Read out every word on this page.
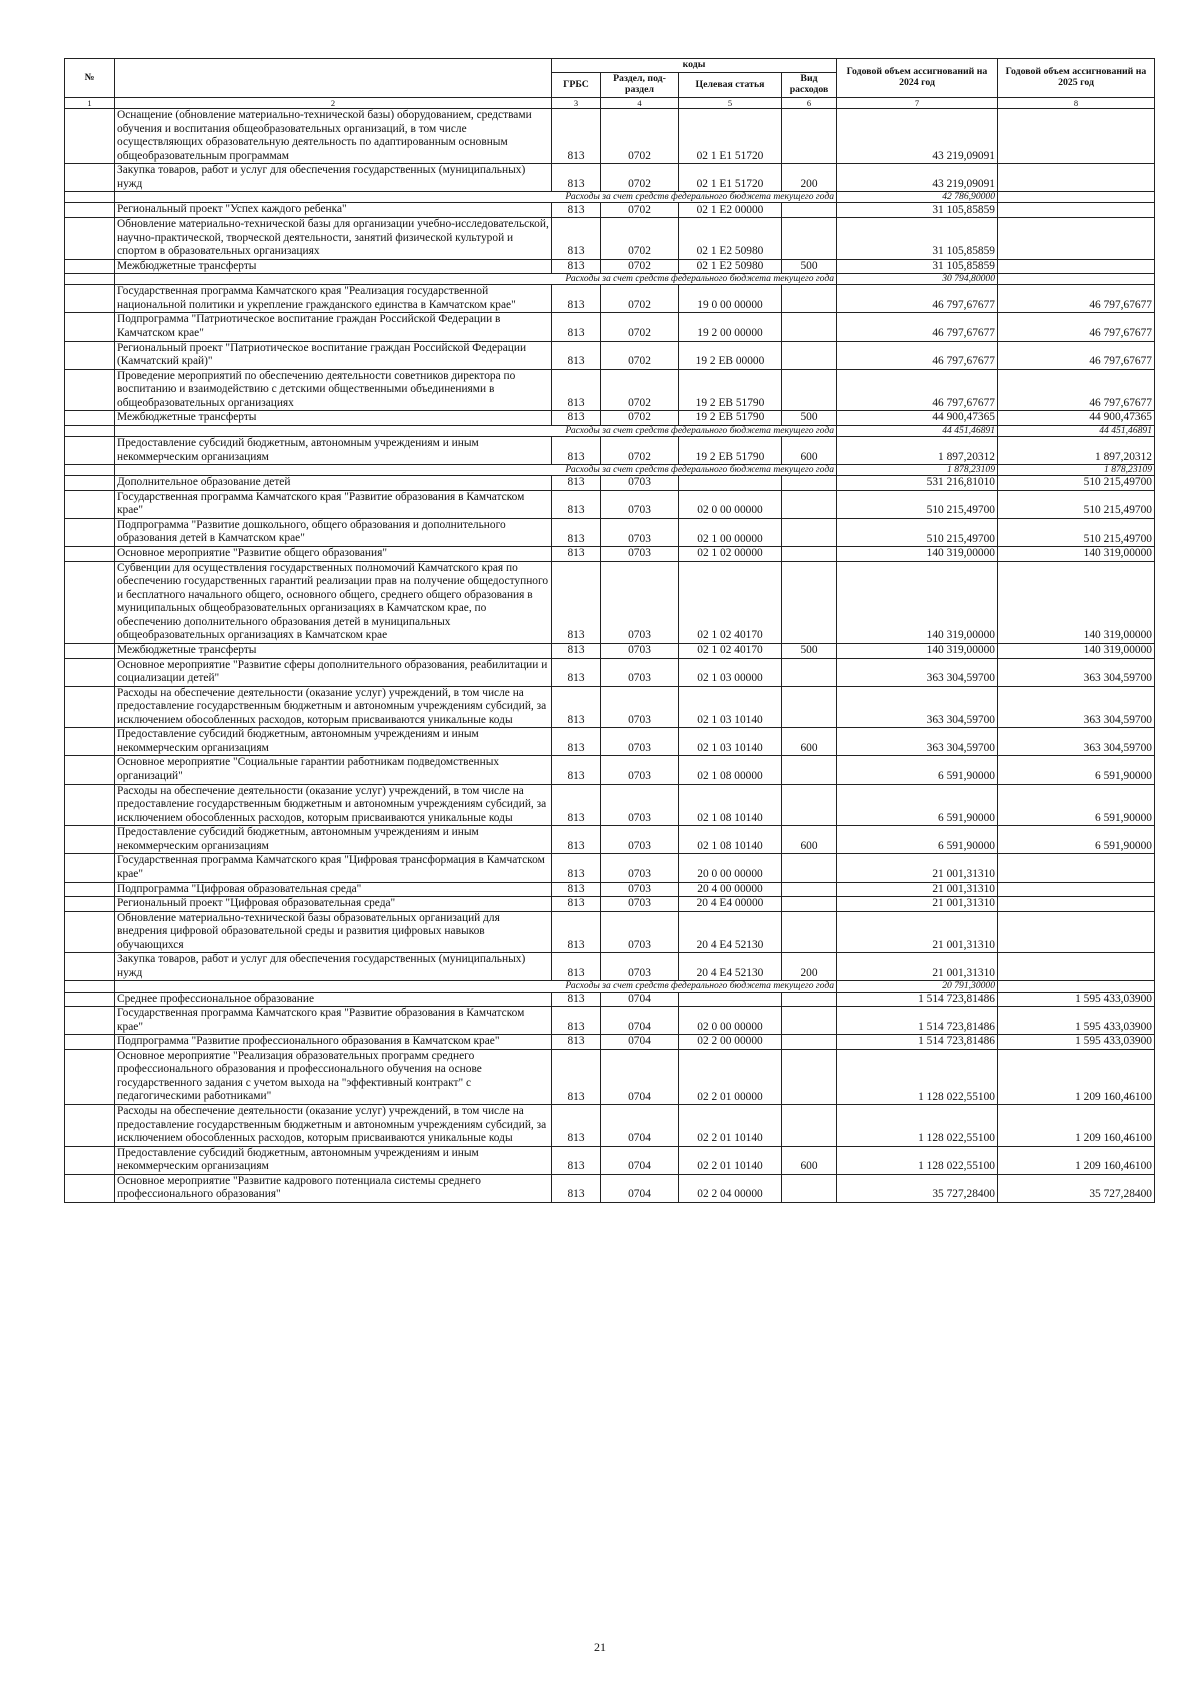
№		коды				Годовой объем ассигнований на 2024 год	Годовой объем ассигнований на 2025 год
		ГРБС	Раздел, под-раздел	Целевая статья	Вид расходов		
1	2	3	4	5	6	7	8
	Оснащение (обновление материально-технической базы) оборудованием, средствами обучения и воспитания общеобразовательных организаций, в том числе осуществляющих образовательную деятельность по адаптированным основным общеобразовательным программам	813	0702	02 1 E1 51720		43 219,09091	
	Закупка товаров, работ и услуг для обеспечения государственных (муниципальных) нужд	813	0702	02 1 E1 51720	200	43 219,09091	
	Расходы за счет средств федерального бюджета текущего года					42 786,90000	
	Региональный проект "Успех каждого ребенка"	813	0702	02 1 E2 00000		31 105,85859	
	Обновление материально-технической базы для организации учебно-исследовательской, научно-практической, творческой деятельности, занятий физической культурой и спортом в образовательных организациях	813	0702	02 1 E2 50980		31 105,85859	
	Межбюджетные трансферты	813	0702	02 1 E2 50980	500	31 105,85859	
	Расходы за счет средств федерального бюджета текущего года					30 794,80000	
	Государственная программа Камчатского края "Реализация государственной национальной политики и укрепление гражданского единства в Камчатском крае"	813	0702	19 0 00 00000		46 797,67677	46 797,67677
	Подпрограмма "Патриотическое воспитание граждан Российской Федерации в Камчатском крае"	813	0702	19 2 00 00000		46 797,67677	46 797,67677
	Региональный проект "Патриотическое воспитание граждан Российской Федерации (Камчатский край)"	813	0702	19 2 EB 00000		46 797,67677	46 797,67677
	Проведение мероприятий по обеспечению деятельности советников директора по воспитанию и взаимодействию с детскими общественными объединениями в общеобразовательных организациях	813	0702	19 2 EB 51790		46 797,67677	46 797,67677
	Межбюджетные трансферты	813	0702	19 2 EB 51790	500	44 900,47365	44 900,47365
	Расходы за счет средств федерального бюджета текущего года					44 451,46891	44 451,46891
	Предоставление субсидий бюджетным, автономным учреждениям и иным некоммерческим организациям	813	0702	19 2 EB 51790	600	1 897,20312	1 897,20312
	Расходы за счет средств федерального бюджета текущего года					1 878,23109	1 878,23109
	Дополнительное образование детей	813	0703			531 216,81010	510 215,49700
	Государственная программа Камчатского края "Развитие образования в Камчатском крае"	813	0703	02 0 00 00000		510 215,49700	510 215,49700
	Подпрограмма "Развитие дошкольного, общего образования и дополнительного образования детей в Камчатском крае"	813	0703	02 1 00 00000		510 215,49700	510 215,49700
	Основное мероприятие "Развитие общего образования"	813	0703	02 1 02 00000		140 319,00000	140 319,00000
	Субвенции для осуществления государственных полномочий Камчатского края по обеспечению государственных гарантий реализации прав на получение общедоступного и бесплатного начального общего, основного общего, среднего общего образования в муниципальных общеобразовательных организациях в Камчатском крае, по обеспечению дополнительного образования детей в муниципальных общеобразовательных организациях в Камчатском крае	813	0703	02 1 02 40170		140 319,00000	140 319,00000
	Межбюджетные трансферты	813	0703	02 1 02 40170	500	140 319,00000	140 319,00000
	Основное мероприятие "Развитие сферы дополнительного образования, реабилитации и социализации детей"	813	0703	02 1 03 00000		363 304,59700	363 304,59700
	Расходы на обеспечение деятельности (оказание услуг) учреждений, в том числе на предоставление государственным бюджетным и автономным учреждениям субсидий, за исключением обособленных расходов, которым присваиваются уникальные коды	813	0703	02 1 03 10140		363 304,59700	363 304,59700
	Предоставление субсидий бюджетным, автономным учреждениям и иным некоммерческим организациям	813	0703	02 1 03 10140	600	363 304,59700	363 304,59700
	Основное мероприятие "Социальные гарантии работникам подведомственных организаций"	813	0703	02 1 08 00000		6 591,90000	6 591,90000
	Расходы на обеспечение деятельности (оказание услуг) учреждений, в том числе на предоставление государственным бюджетным и автономным учреждениям субсидий, за исключением обособленных расходов, которым присваиваются уникальные коды	813	0703	02 1 08 10140		6 591,90000	6 591,90000
	Предоставление субсидий бюджетным, автономным учреждениям и иным некоммерческим организациям	813	0703	02 1 08 10140	600	6 591,90000	6 591,90000
	Государственная программа Камчатского края "Цифровая трансформация в Камчатском крае"	813	0703	20 0 00 00000		21 001,31310	
	Подпрограмма "Цифровая образовательная среда"	813	0703	20 4 00 00000		21 001,31310	
	Региональный проект "Цифровая образовательная среда"	813	0703	20 4 E4 00000		21 001,31310	
	Обновление материально-технической базы образовательных организаций для внедрения цифровой образовательной среды и развития цифровых навыков обучающихся	813	0703	20 4 E4 52130		21 001,31310	
	Закупка товаров, работ и услуг для обеспечения государственных (муниципальных) нужд	813	0703	20 4 E4 52130	200	21 001,31310	
	Расходы за счет средств федерального бюджета текущего года					20 791,30000	
	Среднее профессиональное образование	813	0704			1 514 723,81486	1 595 433,03900
	Государственная программа Камчатского края "Развитие образования в Камчатском крае"	813	0704	02 0 00 00000		1 514 723,81486	1 595 433,03900
	Подпрограмма "Развитие профессионального образования в Камчатском крае"	813	0704	02 2 00 00000		1 514 723,81486	1 595 433,03900
	Основное мероприятие "Реализация образовательных программ среднего профессионального образования и профессионального обучения на основе государственного задания с учетом выхода на "эффективный контракт" с педагогическими работниками"	813	0704	02 2 01 00000		1 128 022,55100	1 209 160,46100
	Расходы на обеспечение деятельности (оказание услуг) учреждений, в том числе на предоставление государственным бюджетным и автономным учреждениям субсидий, за исключением обособленных расходов, которым присваиваются уникальные коды	813	0704	02 2 01 10140		1 128 022,55100	1 209 160,46100
	Предоставление субсидий бюджетным, автономным учреждениям и иным некоммерческим организациям	813	0704	02 2 01 10140	600	1 128 022,55100	1 209 160,46100
	Основное мероприятие "Развитие кадрового потенциала системы среднего профессионального образования"	813	0704	02 2 04 00000		35 727,28400	35 727,28400
21
